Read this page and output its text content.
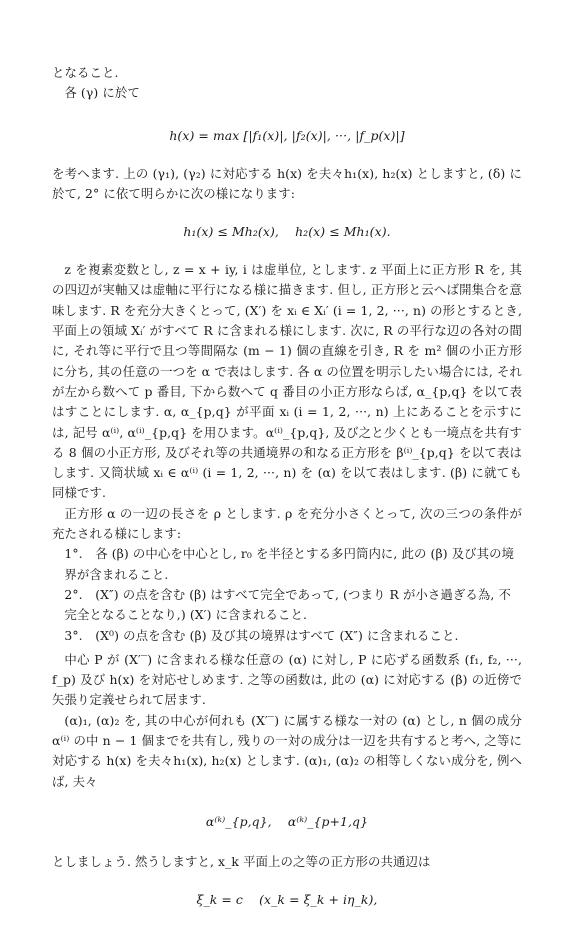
となること.

各 (γ) に於て

h(x) = max [|f₁(x)|, |f₂(x)|, ···, |f_p(x)|]

を考へます. 上の (γ₁), (γ₂) に対応する h(x) を夫々h₁(x), h₂(x) としますと, (δ) に於て, 2° に依て明らかに次の様になります:

h₁(x) ≤ Mh₂(x),    h₂(x) ≤ Mh₁(x).

z を複素変数とし, z = x + iy, i は虚単位, とします. z 平面上に正方形 R を, 其の四辺が実軸又は虚軸に平行になる様に描きます. 但し, 正方形と云へば開集合を意味します. R を充分大きくとって, (X′) を xᵢ ∈ Xᵢ′ (i = 1, 2, ···, n) の形とするとき, 平面上の領域 Xᵢ′ がすべて R に含まれる様にします. 次に, R の平行な辺の各対の間に, それ等に平行で且つ等間隔な (m − 1) 個の直線を引き, R を m² 個の小正方形に分ち, 其の任意の一つを α で表はします. 各 α の位置を明示したい場合には, それが左から数へて p 番目, 下から数へて q 番目の小正方形ならば, α_{p,q} を以て表はすことにします. α, α_{p,q} が平面 xᵢ (i = 1, 2, ···, n) 上にあることを示すには, 記号 α⁽ⁱ⁾, α⁽ⁱ⁾_{p,q} を用ひます。α⁽ⁱ⁾_{p,q}, 及び之と少くとも一境点を共有する 8 個の小正方形, 及びそれ等の共通境界の和なる正方形を β⁽ⁱ⁾_{p,q} を以て表はします. 又筒状域 xᵢ ∈ α⁽ⁱ⁾ (i = 1, 2, ···, n) を (α) を以て表はします. (β) に就ても同様です.

正方形 α の一辺の長さを ρ とします. ρ を充分小さくとって, 次の三つの条件が充たされる様にします:

1°.　各 (β) の中心を中心とし, r₀ を半径とする多円筒内に, 此の (β) 及び其の境界が含まれること.

2°.　(X″) の点を含む (β) はすべて完全であって, (つまり R が小さ過ぎる為, 不完全となることなり,) (X′) に含まれること.

3°.　(X⁰) の点を含む (β) 及び其の境界はすべて (X″) に含まれること.

中心 P が (X′‾) に含まれる様な任意の (α) に対し, P に応ずる函数系 (f₁, f₂, ···, f_p) 及び h(x) を対応せしめます. 之等の函数は, 此の (α) に対応する (β) の近傍で矢張り定義せられて居ます.

(α)₁, (α)₂ を, 其の中心が何れも (X′‾) に属する様な一対の (α) とし, n 個の成分 α⁽ⁱ⁾ の中 n − 1 個までを共有し, 残りの一対の成分は一辺を共有すると考へ, 之等に対応する h(x) を夫々h₁(x), h₂(x) とします. (α)₁, (α)₂ の相等しくない成分を, 例へば, 夫々

α⁽ᵏ⁾_{p,q},    α⁽ᵏ⁾_{p+1,q}

としましょう. 然うしますと, x_k 平面上の之等の正方形の共通辺は

ξ_k = c    (x_k = ξ_k + iη_k),
